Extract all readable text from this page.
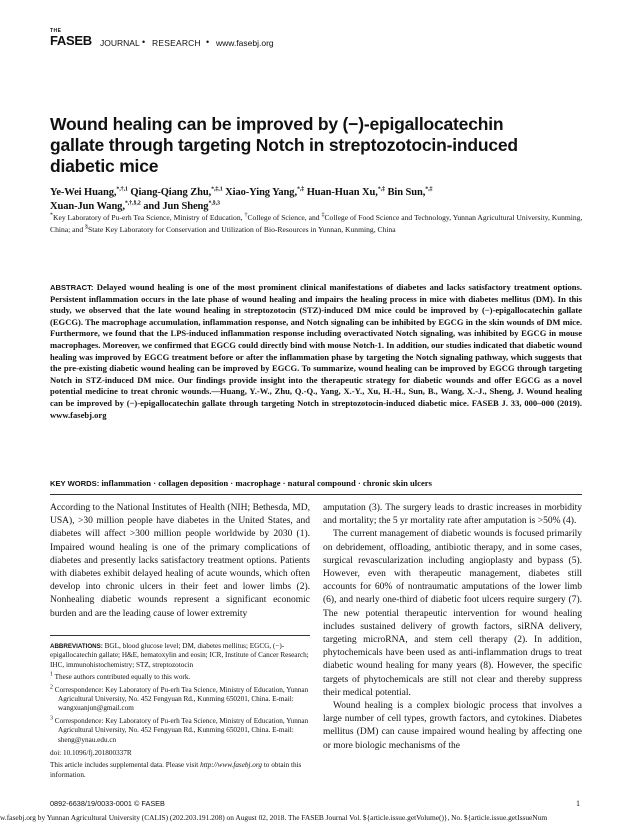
THE
FASEB JOURNAL • RESEARCH • www.fasebj.org
Wound healing can be improved by (−)-epigallocatechin gallate through targeting Notch in streptozotocin-induced diabetic mice
Ye-Wei Huang,$^{*,\dagger,1}$ Qiang-Qiang Zhu,$^{*,\ddagger,1}$ Xiao-Ying Yang,*,‡ Huan-Huan Xu,*,‡ Bin Sun,*,‡
Xuan-Jun Wang,$^{*,\dagger,\S,2}$ and Jun Sheng$^{*,\S,3}$
*Key Laboratory of Pu-erh Tea Science, Ministry of Education, †College of Science, and ‡College of Food Science and Technology, Yunnan Agricultural University, Kunming, China; and §State Key Laboratory for Conservation and Utilization of Bio-Resources in Yunnan, Kunming, China
ABSTRACT: Delayed wound healing is one of the most prominent clinical manifestations of diabetes and lacks satisfactory treatment options. Persistent inflammation occurs in the late phase of wound healing and impairs the healing process in mice with diabetes mellitus (DM). In this study, we observed that the late wound healing in streptozotocin (STZ)-induced DM mice could be improved by (−)-epigallocatechin gallate (EGCG). The macrophage accumulation, inflammation response, and Notch signaling can be inhibited by EGCG in the skin wounds of DM mice. Furthermore, we found that the LPS-induced inflammation response including overactivated Notch signaling, was inhibited by EGCG in mouse macrophages. Moreover, we confirmed that EGCG could directly bind with mouse Notch-1. In addition, our studies indicated that diabetic wound healing was improved by EGCG treatment before or after the inflammation phase by targeting the Notch signaling pathway, which suggests that the pre-existing diabetic wound healing can be improved by EGCG. To summarize, wound healing can be improved by EGCG through targeting Notch in STZ-induced DM mice. Our findings provide insight into the therapeutic strategy for diabetic wounds and offer EGCG as a novel potential medicine to treat chronic wounds.—Huang, Y.-W., Zhu, Q.-Q., Yang, X.-Y., Xu, H.-H., Sun, B., Wang, X.-J., Sheng, J. Wound healing can be improved by (−)-epigallocatechin gallate through targeting Notch in streptozotocin-induced diabetic mice. FASEB J. 33, 000–000 (2019). www.fasebj.org
KEY WORDS: inflammation · collagen deposition · macrophage · natural compound · chronic skin ulcers

According to the National Institutes of Health (NIH; Bethesda, MD, USA), >30 million people have diabetes in the United States, and diabetes will affect >300 million people worldwide by 2030 (1). Impaired wound healing is one of the primary complications of diabetes and presently lacks satisfactory treatment options. Patients with diabetes exhibit delayed healing of acute wounds, which often develop into chronic ulcers in their feet and lower limbs (2). Nonhealing diabetic wounds represent a significant economic burden and are the leading cause of lower extremity

ABBREVIATIONS: BGL, blood glucose level; DM, diabetes mellitus; EGCG, (−)-epigallocatechin gallate; H&E, hematoxylin and eosin; ICR, Institute of Cancer Research; IHC, immunohistochemistry; STZ, streptozotocin

$^1$ These authors contributed equally to this work.

$^2$ Correspondence: Key Laboratory of Pu-erh Tea Science, Ministry of Education, Yunnan Agricultural University, No. 452 Fengyuan Rd., Kunming 650201, China. E-mail: wangxuanjun@gmail.com

$^3$ Correspondence: Key Laboratory of Pu-erh Tea Science, Ministry of Education, Yunnan Agricultural University, No. 452 Fengyuan Rd., Kunming 650201, China. E-mail: sheng@ynau.edu.cn

doi: 10.1096/fj.201800337R

This article includes supplemental data. Please visit http://www.fasebj.org to obtain this information.

amputation (3). The surgery leads to drastic increases in morbidity and mortality; the 5 yr mortality rate after amputation is >50% (4).

The current management of diabetic wounds is focused primarily on debridement, offloading, antibiotic therapy, and in some cases, surgical revascularization including angioplasty and bypass (5). However, even with therapeutic management, diabetes still accounts for 60% of nontraumatic amputations of the lower limb (6), and nearly one-third of diabetic foot ulcers require surgery (7). The new potential therapeutic intervention for wound healing includes sustained delivery of growth factors, siRNA delivery, targeting microRNA, and stem cell therapy (2). In addition, phytochemicals have been used as anti-inflammation drugs to treat diabetic wound healing for many years (8). However, the specific targets of phytochemicals are still not clear and thereby suppress their medical potential.

Wound healing is a complex biologic process that involves a large number of cell types, growth factors, and cytokines. Diabetes mellitus (DM) can cause impaired wound healing by affecting one or more biologic mechanisms of the

0892-6638/19/0033-0001 © FASEB	1
w.fasebj.org by Yunnan Agricultural University (CALIS) (202.203.191.208) on August 02, 2018. The FASEB Journal Vol. ${article.issue.getVolume()}, No. ${article.issue.getIssueNum
